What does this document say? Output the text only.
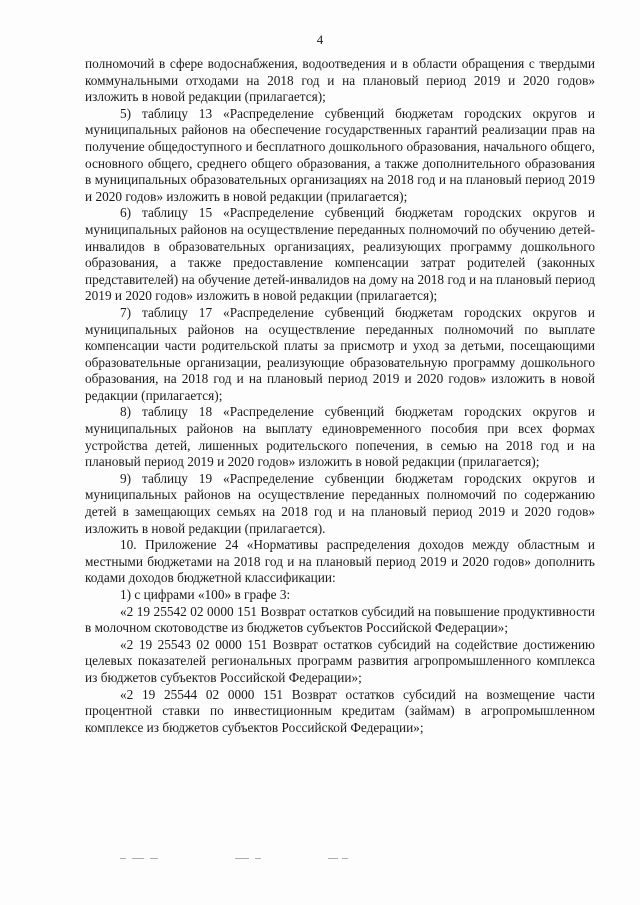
4

полномочий в сфере водоснабжения, водоотведения и в области обращения с твердыми коммунальными отходами на 2018 год и на плановый период 2019 и 2020 годов» изложить в новой редакции (прилагается);

5) таблицу 13 «Распределение субвенций бюджетам городских округов и муниципальных районов на обеспечение государственных гарантий реализации прав на получение общедоступного и бесплатного дошкольного образования, начального общего, основного общего, среднего общего образования, а также дополнительного образования в муниципальных образовательных организациях на 2018 год и на плановый период 2019 и 2020 годов» изложить в новой редакции (прилагается);

6) таблицу 15 «Распределение субвенций бюджетам городских округов и муниципальных районов на осуществление переданных полномочий по обучению детей-инвалидов в образовательных организациях, реализующих программу дошкольного образования, а также предоставление компенсации затрат родителей (законных представителей) на обучение детей-инвалидов на дому на 2018 год и на плановый период 2019 и 2020 годов» изложить в новой редакции (прилагается);

7) таблицу 17 «Распределение субвенций бюджетам городских округов и муниципальных районов на осуществление переданных полномочий по выплате компенсации части родительской платы за присмотр и уход за детьми, посещающими образовательные организации, реализующие образовательную программу дошкольного образования, на 2018 год и на плановый период 2019 и 2020 годов» изложить в новой редакции (прилагается);

8) таблицу 18 «Распределение субвенций бюджетам городских округов и муниципальных районов на выплату единовременного пособия при всех формах устройства детей, лишенных родительского попечения, в семью на 2018 год и на плановый период 2019 и 2020 годов» изложить в новой редакции (прилагается);

9) таблицу 19 «Распределение субвенции бюджетам городских округов и муниципальных районов на осуществление переданных полномочий по содержанию детей в замещающих семьях на 2018 год и на плановый период 2019 и 2020 годов» изложить в новой редакции (прилагается).

10. Приложение 24 «Нормативы распределения доходов между областным и местными бюджетами на 2018 год и на плановый период 2019 и 2020 годов» дополнить кодами доходов бюджетной классификации:

1) с цифрами «100» в графе 3:

«2 19 25542 02 0000 151 Возврат остатков субсидий на повышение продуктивности в молочном скотоводстве из бюджетов субъектов Российской Федерации»;

«2 19 25543 02 0000 151 Возврат остатков субсидий на содействие достижению целевых показателей региональных программ развития агропромышленного комплекса из бюджетов субъектов Российской Федерации»;

«2 19 25544 02 0000 151 Возврат остатков субсидий на возмещение части процентной ставки по инвестиционным кредитам (займам) в агропромышленном комплексе из бюджетов субъектов Российской Федерации»;
